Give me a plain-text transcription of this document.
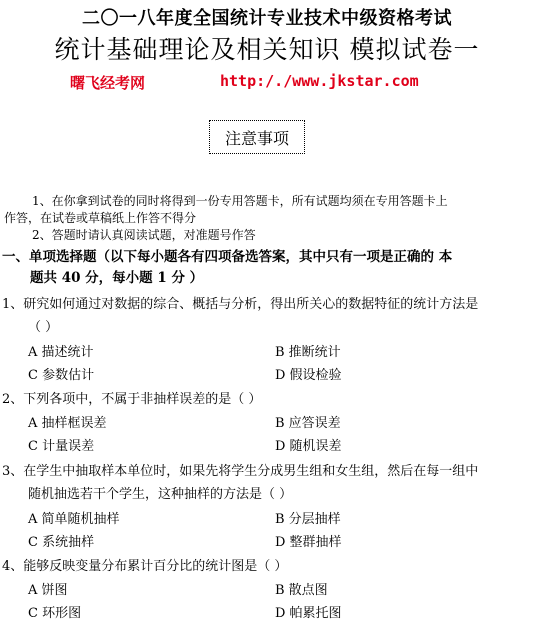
二〇一八年度全国统计专业技术中级资格考试
统计基础理论及相关知识 模拟试卷一
曙飞经考网	http:/./www.jkstar.com
注意事项
1、在你拿到试卷的同时将得到一份专用答题卡，所有试题均须在专用答题卡上
作答，在试卷或草稿纸上作答不得分
2、答题时请认真阅读试题，对准题号作答
一、单项选择题（以下每小题各有四项备选答案，其中只有一项是正确的 本
题共 40 分，每小题 1 分 ）
1、研究如何通过对数据的综合、概括与分析，得出所关心的数据特征的统计方法是
（ ）
A 描述统计	B 推断统计
C 参数估计	D 假设检验
2、下列各项中，不属于非抽样误差的是（ ）
A 抽样框误差	B 应答误差
C 计量误差	D 随机误差
3、在学生中抽取样本单位时，如果先将学生分成男生组和女生组，然后在每一组中
随机抽选若干个学生，这种抽样的方法是（ ）
A 简单随机抽样	B 分层抽样
C 系统抽样	D 整群抽样
4、能够反映变量分布累计百分比的统计图是（ ）
A 饼图	B 散点图
C 环形图	D 帕累托图
